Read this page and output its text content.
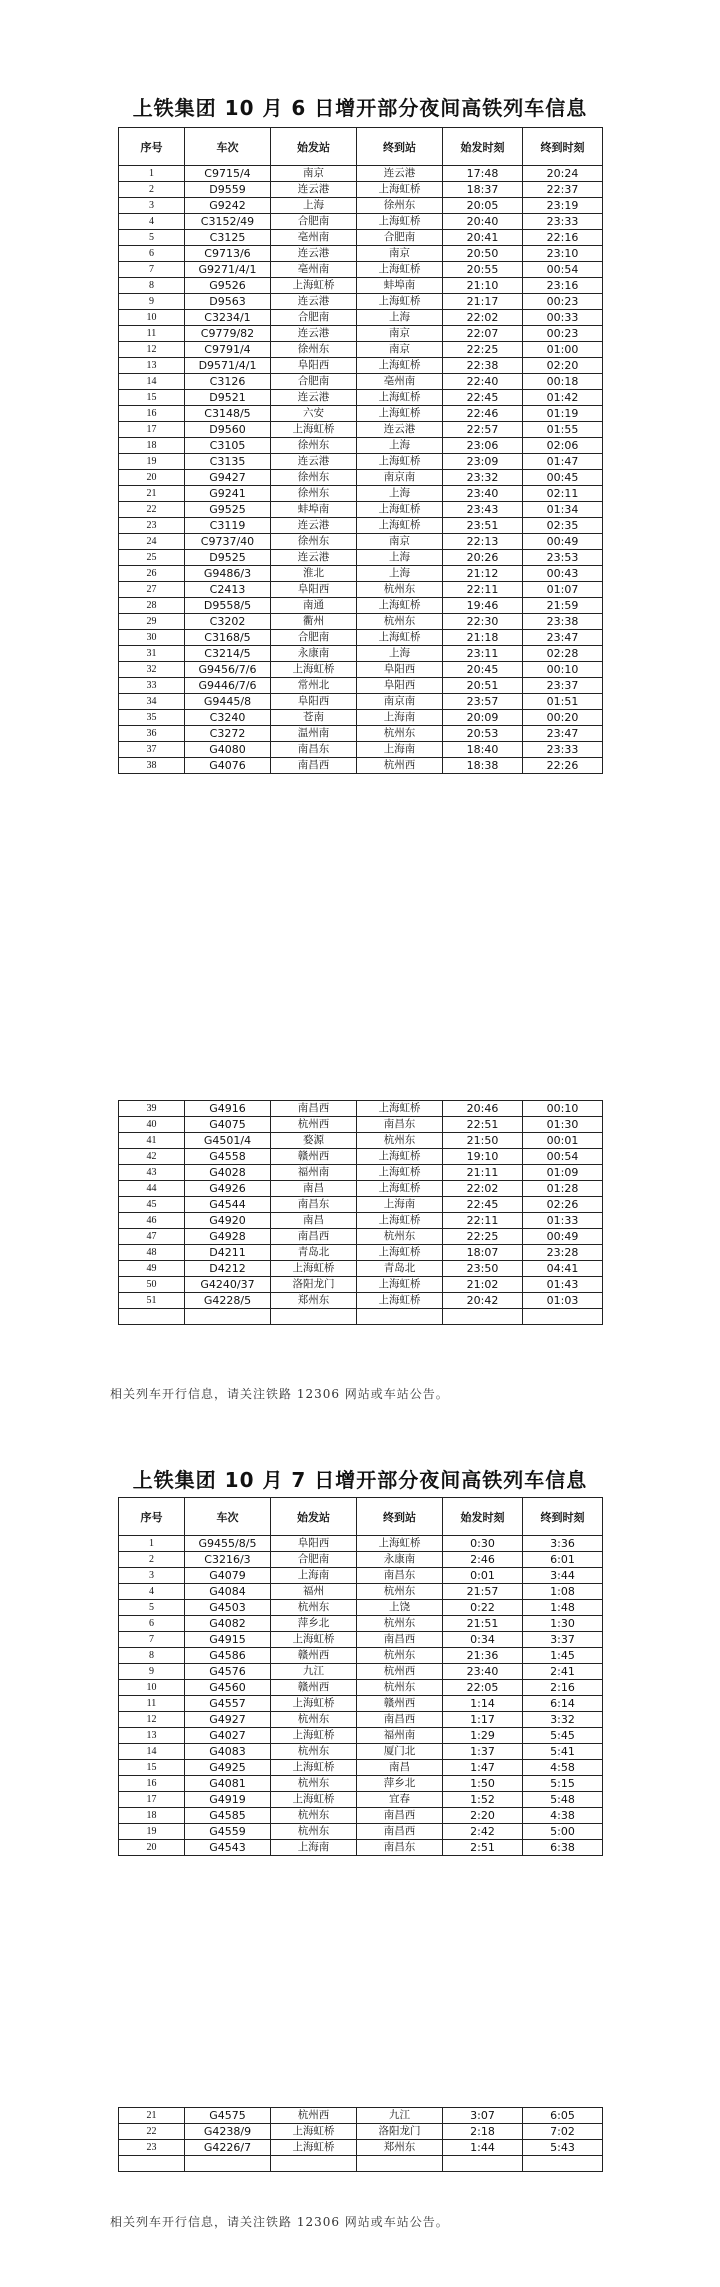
上铁集团 10 月 6 日增开部分夜间高铁列车信息
序号	车次	始发站	终到站	始发时刻	终到时刻
1	C9715/4	南京	连云港	17:48	20:24
2	D9559	连云港	上海虹桥	18:37	22:37
3	G9242	上海	徐州东	20:05	23:19
4	C3152/49	合肥南	上海虹桥	20:40	23:33
5	C3125	亳州南	合肥南	20:41	22:16
6	C9713/6	连云港	南京	20:50	23:10
7	G9271/4/1	亳州南	上海虹桥	20:55	00:54
8	G9526	上海虹桥	蚌埠南	21:10	23:16
9	D9563	连云港	上海虹桥	21:17	00:23
10	C3234/1	合肥南	上海	22:02	00:33
11	C9779/82	连云港	南京	22:07	00:23
12	C9791/4	徐州东	南京	22:25	01:00
13	D9571/4/1	阜阳西	上海虹桥	22:38	02:20
14	C3126	合肥南	亳州南	22:40	00:18
15	D9521	连云港	上海虹桥	22:45	01:42
16	C3148/5	六安	上海虹桥	22:46	01:19
17	D9560	上海虹桥	连云港	22:57	01:55
18	C3105	徐州东	上海	23:06	02:06
19	C3135	连云港	上海虹桥	23:09	01:47
20	G9427	徐州东	南京南	23:32	00:45
21	G9241	徐州东	上海	23:40	02:11
22	G9525	蚌埠南	上海虹桥	23:43	01:34
23	C3119	连云港	上海虹桥	23:51	02:35
24	C9737/40	徐州东	南京	22:13	00:49
25	D9525	连云港	上海	20:26	23:53
26	G9486/3	淮北	上海	21:12	00:43
27	C2413	阜阳西	杭州东	22:11	01:07
28	D9558/5	南通	上海虹桥	19:46	21:59
29	C3202	衢州	杭州东	22:30	23:38
30	C3168/5	合肥南	上海虹桥	21:18	23:47
31	C3214/5	永康南	上海	23:11	02:28
32	G9456/7/6	上海虹桥	阜阳西	20:45	00:10
33	G9446/7/6	常州北	阜阳西	20:51	23:37
34	G9445/8	阜阳西	南京南	23:57	01:51
35	C3240	苍南	上海南	20:09	00:20
36	C3272	温州南	杭州东	20:53	23:47
37	G4080	南昌东	上海南	18:40	23:33
38	G4076	南昌西	杭州西	18:38	22:26
39	G4916	南昌西	上海虹桥	20:46	00:10
40	G4075	杭州西	南昌东	22:51	01:30
41	G4501/4	婺源	杭州东	21:50	00:01
42	G4558	赣州西	上海虹桥	19:10	00:54
43	G4028	福州南	上海虹桥	21:11	01:09
44	G4926	南昌	上海虹桥	22:02	01:28
45	G4544	南昌东	上海南	22:45	02:26
46	G4920	南昌	上海虹桥	22:11	01:33
47	G4928	南昌西	杭州东	22:25	00:49
48	D4211	青岛北	上海虹桥	18:07	23:28
49	D4212	上海虹桥	青岛北	23:50	04:41
50	G4240/37	洛阳龙门	上海虹桥	21:02	01:43
51	G4228/5	郑州东	上海虹桥	20:42	01:03

相关列车开行信息，请关注铁路 12306 网站或车站公告。
上铁集团 10 月 7 日增开部分夜间高铁列车信息
序号	车次	始发站	终到站	始发时刻	终到时刻
1	G9455/8/5	阜阳西	上海虹桥	0:30	3:36
2	C3216/3	合肥南	永康南	2:46	6:01
3	G4079	上海南	南昌东	0:01	3:44
4	G4084	福州	杭州东	21:57	1:08
5	G4503	杭州东	上饶	0:22	1:48
6	G4082	萍乡北	杭州东	21:51	1:30
7	G4915	上海虹桥	南昌西	0:34	3:37
8	G4586	赣州西	杭州东	21:36	1:45
9	G4576	九江	杭州西	23:40	2:41
10	G4560	赣州西	杭州东	22:05	2:16
11	G4557	上海虹桥	赣州西	1:14	6:14
12	G4927	杭州东	南昌西	1:17	3:32
13	G4027	上海虹桥	福州南	1:29	5:45
14	G4083	杭州东	厦门北	1:37	5:41
15	G4925	上海虹桥	南昌	1:47	4:58
16	G4081	杭州东	萍乡北	1:50	5:15
17	G4919	上海虹桥	宜春	1:52	5:48
18	G4585	杭州东	南昌西	2:20	4:38
19	G4559	杭州东	南昌西	2:42	5:00
20	G4543	上海南	南昌东	2:51	6:38
21	G4575	杭州西	九江	3:07	6:05
22	G4238/9	上海虹桥	洛阳龙门	2:18	7:02
23	G4226/7	上海虹桥	郑州东	1:44	5:43

相关列车开行信息，请关注铁路 12306 网站或车站公告。
